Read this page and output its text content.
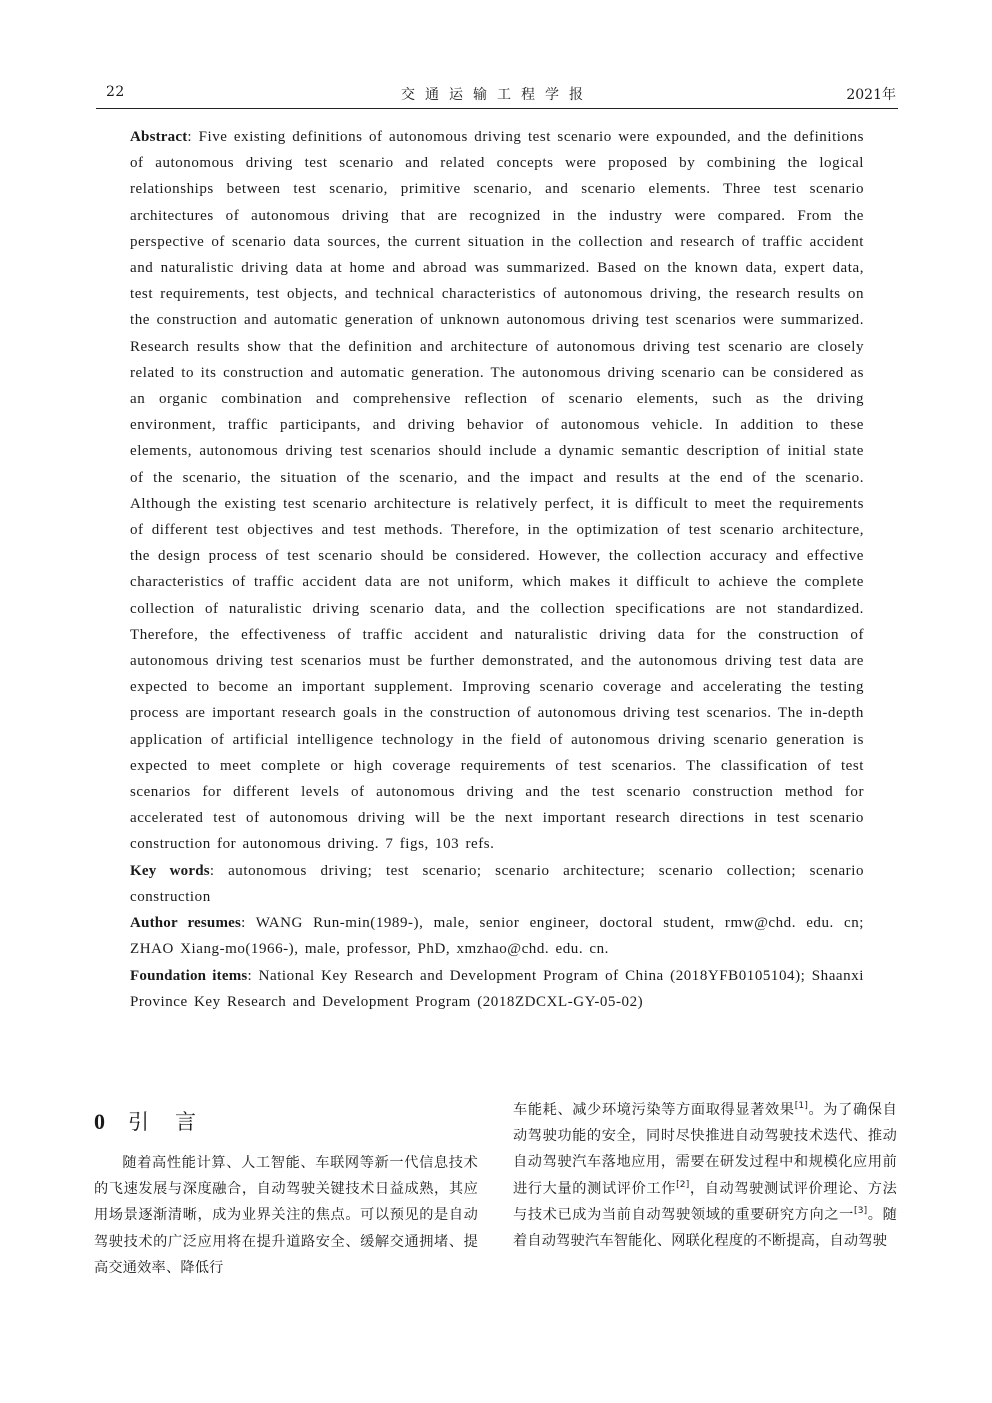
22	交通运输工程学报	2021年

Abstract: Five existing definitions of autonomous driving test scenario were expounded, and the definitions of autonomous driving test scenario and related concepts were proposed by combining the logical relationships between test scenario, primitive scenario, and scenario elements. Three test scenario architectures of autonomous driving that are recognized in the industry were compared. From the perspective of scenario data sources, the current situation in the collection and research of traffic accident and naturalistic driving data at home and abroad was summarized. Based on the known data, expert data, test requirements, test objects, and technical characteristics of autonomous driving, the research results on the construction and automatic generation of unknown autonomous driving test scenarios were summarized. Research results show that the definition and architecture of autonomous driving test scenario are closely related to its construction and automatic generation. The autonomous driving scenario can be considered as an organic combination and comprehensive reflection of scenario elements, such as the driving environment, traffic participants, and driving behavior of autonomous vehicle. In addition to these elements, autonomous driving test scenarios should include a dynamic semantic description of initial state of the scenario, the situation of the scenario, and the impact and results at the end of the scenario. Although the existing test scenario architecture is relatively perfect, it is difficult to meet the requirements of different test objectives and test methods. Therefore, in the optimization of test scenario architecture, the design process of test scenario should be considered. However, the collection accuracy and effective characteristics of traffic accident data are not uniform, which makes it difficult to achieve the complete collection of naturalistic driving scenario data, and the collection specifications are not standardized. Therefore, the effectiveness of traffic accident and naturalistic driving data for the construction of autonomous driving test scenarios must be further demonstrated, and the autonomous driving test data are expected to become an important supplement. Improving scenario coverage and accelerating the testing process are important research goals in the construction of autonomous driving test scenarios. The in-depth application of artificial intelligence technology in the field of autonomous driving scenario generation is expected to meet complete or high coverage requirements of test scenarios. The classification of test scenarios for different levels of autonomous driving and the test scenario construction method for accelerated test of autonomous driving will be the next important research directions in test scenario construction for autonomous driving. 7 figs, 103 refs.

Key words: autonomous driving; test scenario; scenario architecture; scenario collection; scenario construction

Author resumes: WANG Run-min(1989-), male, senior engineer, doctoral student, rmw@chd. edu. cn; ZHAO Xiang-mo(1966-), male, professor, PhD, xmzhao@chd. edu. cn.

Foundation items: National Key Research and Development Program of China (2018YFB0105104); Shaanxi Province Key Research and Development Program (2018ZDCXL-GY-05-02)

0 引言

随着高性能计算、人工智能、车联网等新一代信息技术的飞速发展与深度融合，自动驾驶关键技术日益成熟，其应用场景逐渐清晰，成为业界关注的焦点。可以预见的是自动驾驶技术的广泛应用将在提升道路安全、缓解交通拥堵、提高交通效率、降低行

车能耗、减少环境污染等方面取得显著效果[1]。为了确保自动驾驶功能的安全，同时尽快推进自动驾驶技术迭代、推动自动驾驶汽车落地应用，需要在研发过程中和规模化应用前进行大量的测试评价工作[2]，自动驾驶测试评价理论、方法与技术已成为当前自动驾驶领域的重要研究方向之一[3]。随着自动驾驶汽车智能化、网联化程度的不断提高，自动驾驶
